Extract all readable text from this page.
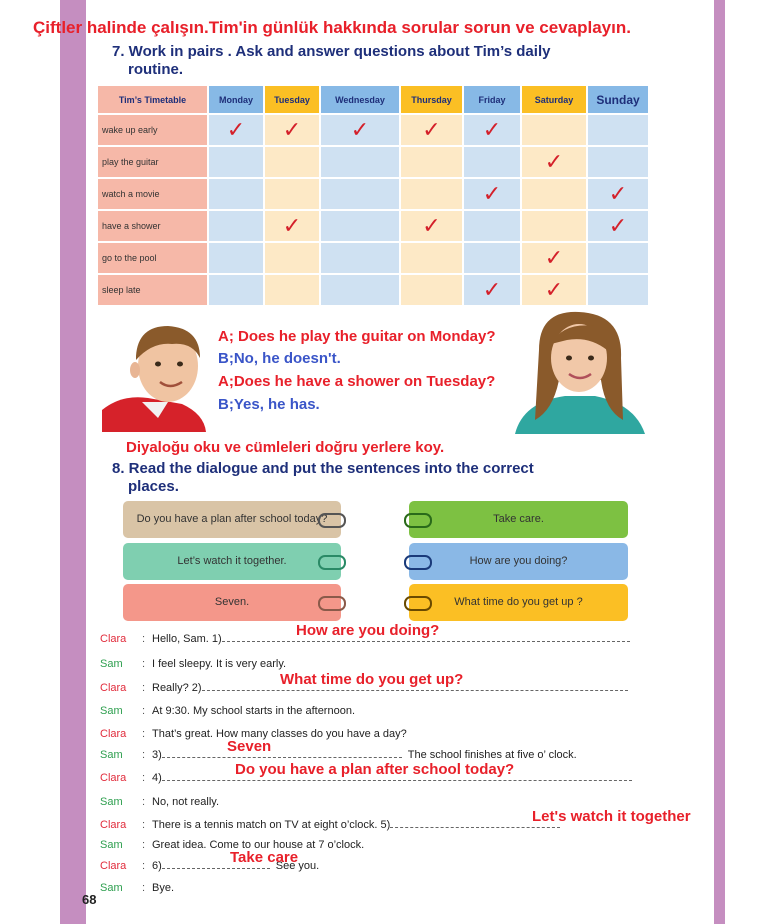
Çiftler halinde çalışın.Tim'in günlük hakkında sorular sorun ve cevaplayın.
7. Work in pairs . Ask and answer questions about Tim’s daily
routine.
Tim’s Timetable	Monday	Tuesday	Wednesday	Thursday	Friday	Saturday	Sunday
wake up early	✓	✓	✓	✓	✓		
play the guitar						✓	
watch a movie					✓		✓
have a shower		✓		✓			✓
go to the pool						✓	
sleep late					✓	✓	
A; Does he play the guitar on Monday?
B;No, he doesn't.
A;Does he have a shower on Tuesday?
B;Yes, he has.
Diyaloğu oku ve cümleleri doğru yerlere koy.
8. Read the dialogue and put the sentences into the correct
places.
Do you have a plan after school today?
Let’s watch it together.
Seven.
Take care.
How are you doing?
What time do you get up ?
Clara : Hello, Sam. 1)	How are you doing?
Sam : I feel sleepy. It is very early.
Clara : Really? 2)	What time do you get up?
Sam : At 9:30. My school starts in the afternoon.
Clara : That’s great. How many classes do you have a day?
Sam : 3)	The school finishes at five o’ clock.
Seven
Clara : 4)	Do you have a plan after school today?
Sam : No, not really.
Clara : There is a tennis match on TV at eight o’clock. 5)	Let's watch it together
Sam : Great idea. Come to our house at 7 o’clock.
Clara : 6)	See you.
Take care
Sam : Bye.
68
